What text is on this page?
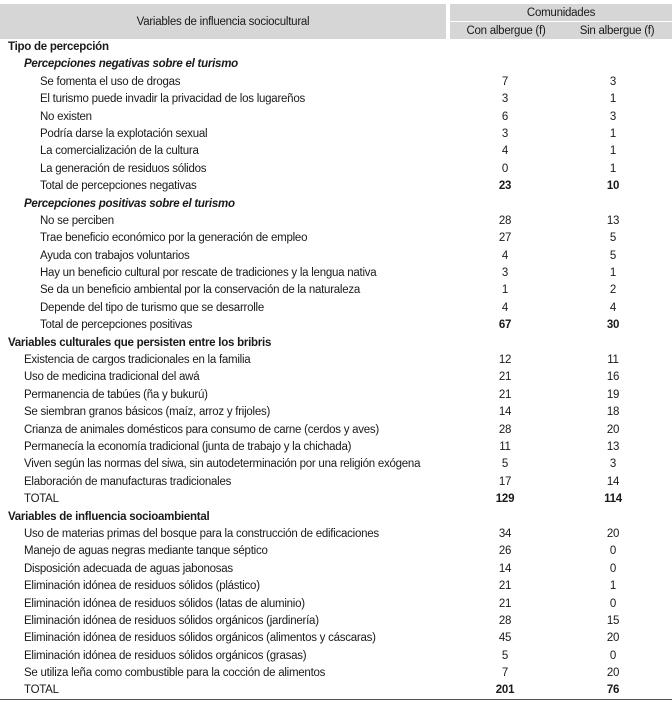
Variables de influencia sociocultural
Comunidades
Con albergue (f)	Sin albergue (f)
Tipo de percepción
Percepciones negativas sobre el turismo
Se fomenta el uso de drogas	7	3
El turismo puede invadir la privacidad de los lugareños	3	1
No existen	6	3
Podría darse la explotación sexual	3	1
La comercialización de la cultura	4	1
La generación de residuos sólidos	0	1
Total de percepciones negativas	23	10
Percepciones positivas sobre el turismo
No se perciben	28	13
Trae beneficio económico por la generación de empleo	27	5
Ayuda con trabajos voluntarios	4	5
Hay un beneficio cultural por rescate de tradiciones y la lengua nativa	3	1
Se da un beneficio ambiental por la conservación de la naturaleza	1	2
Depende del tipo de turismo que se desarrolle	4	4
Total de percepciones positivas	67	30
Variables culturales que persisten entre los bribris
Existencia de cargos tradicionales en la familia	12	11
Uso de medicina tradicional del awá	21	16
Permanencia de tabúes (ña y bukurú)	21	19
Se siembran granos básicos (maíz, arroz y frijoles)	14	18
Crianza de animales domésticos para consumo de carne (cerdos y aves)	28	20
Permanecía la economía tradicional (junta de trabajo y la chichada)	11	13
Viven según las normas del siwa, sin autodeterminación por una religión exógena	5	3
Elaboración de manufacturas tradicionales	17	14
TOTAL	129	114
Variables de influencia socioambiental
Uso de materias primas del bosque para la construcción de edificaciones	34	20
Manejo de aguas negras mediante tanque séptico	26	0
Disposición adecuada de aguas jabonosas	14	0
Eliminación idónea de residuos sólidos (plástico)	21	1
Eliminación idónea de residuos sólidos (latas de aluminio)	21	0
Eliminación idónea de residuos sólidos orgánicos (jardinería)	28	15
Eliminación idónea de residuos sólidos orgánicos (alimentos y cáscaras)	45	20
Eliminación idónea de residuos sólidos orgánicos (grasas)	5	0
Se utiliza leña como combustible para la cocción de alimentos	7	20
TOTAL	201	76
